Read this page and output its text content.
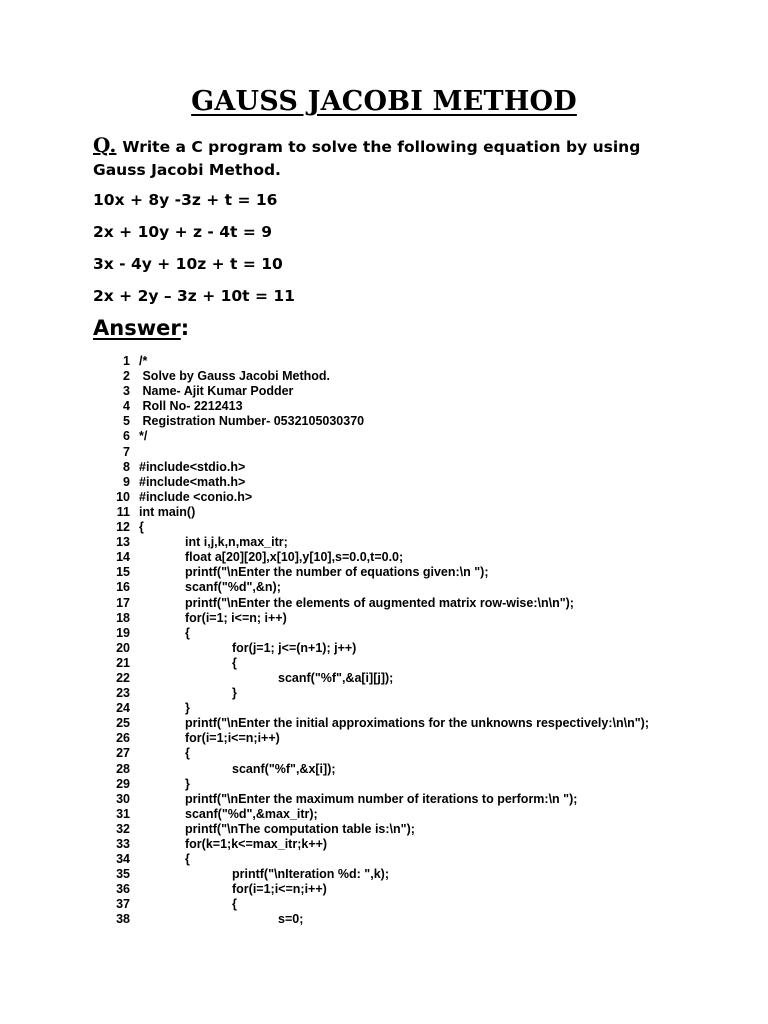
GAUSS JACOBI METHOD
Q. Write a C program to solve the following equation by using Gauss Jacobi Method.
10x + 8y -3z + t = 16
2x + 10y + z - 4t = 9
3x - 4y + 10z + t = 10
2x + 2y – 3z + 10t = 11
Answer:
1 /*
2 Solve by Gauss Jacobi Method.
3 Name- Ajit Kumar Podder
4 Roll No- 2212413
5 Registration Number- 0532105030370
6 */
7
8 #include<stdio.h>
9 #include<math.h>
10 #include <conio.h>
11 int main()
12 {
13	int i,j,k,n,max_itr;
14	float a[20][20],x[10],y[10],s=0.0,t=0.0;
15	printf("\nEnter the number of equations given:\n ");
16	scanf("%d",&n);
17	printf("\nEnter the elements of augmented matrix row-wise:\n\n");
18	for(i=1; i<=n; i++)
19	{
20	for(j=1; j<=(n+1); j++)
21	{
22	scanf("%f",&a[i][j]);
23	}
24	}
25	printf("\nEnter the initial approximations for the unknowns respectively:\n\n");
26	for(i=1;i<=n;i++)
27	{
28	scanf("%f",&x[i]);
29	}
30	printf("\nEnter the maximum number of iterations to perform:\n ");
31	scanf("%d",&max_itr);
32	printf("\nThe computation table is:\n");
33	for(k=1;k<=max_itr;k++)
34	{
35	printf("\nIteration %d: ",k);
36	for(i=1;i<=n;i++)
37	{
38	s=0;
